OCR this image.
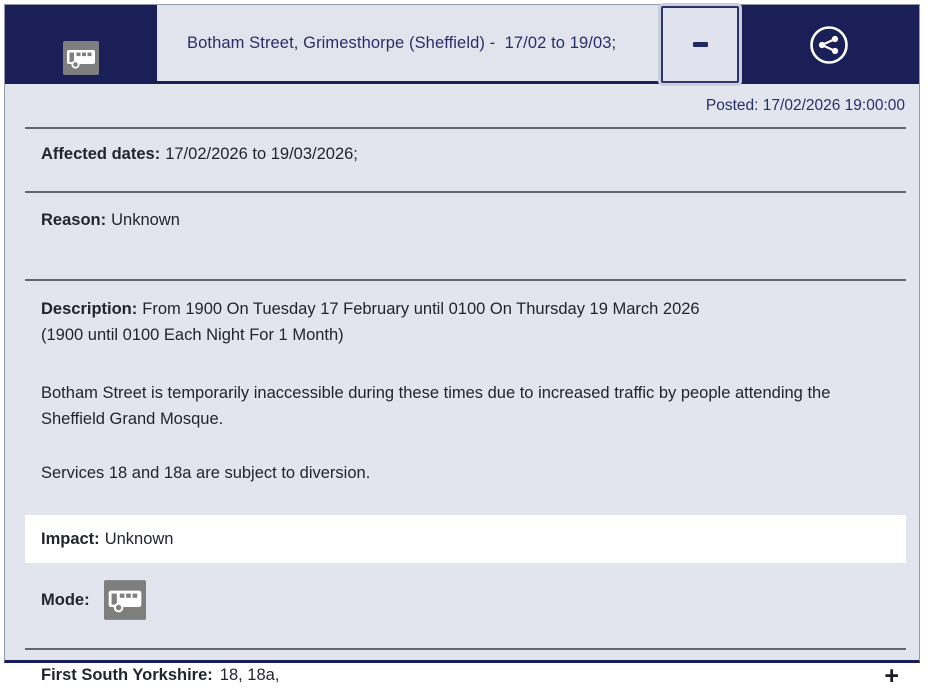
Botham Street, Grimesthorpe (Sheffield) -  17/02 to 19/03;
Posted: 17/02/2026 19:00:00
Affected dates: 17/02/2026 to 19/03/2026;
Reason: Unknown

Description: From 1900 On Tuesday 17 February until 0100 On Thursday 19 March 2026

(1900 until 0100 Each Night For 1 Month)

Botham Street is temporarily inaccessible during these times due to increased traffic by people attending the Sheffield Grand Mosque.

Services 18 and 18a are subject to diversion.

Impact: Unknown
Mode:
First South Yorkshire: 18, 18a,	+
